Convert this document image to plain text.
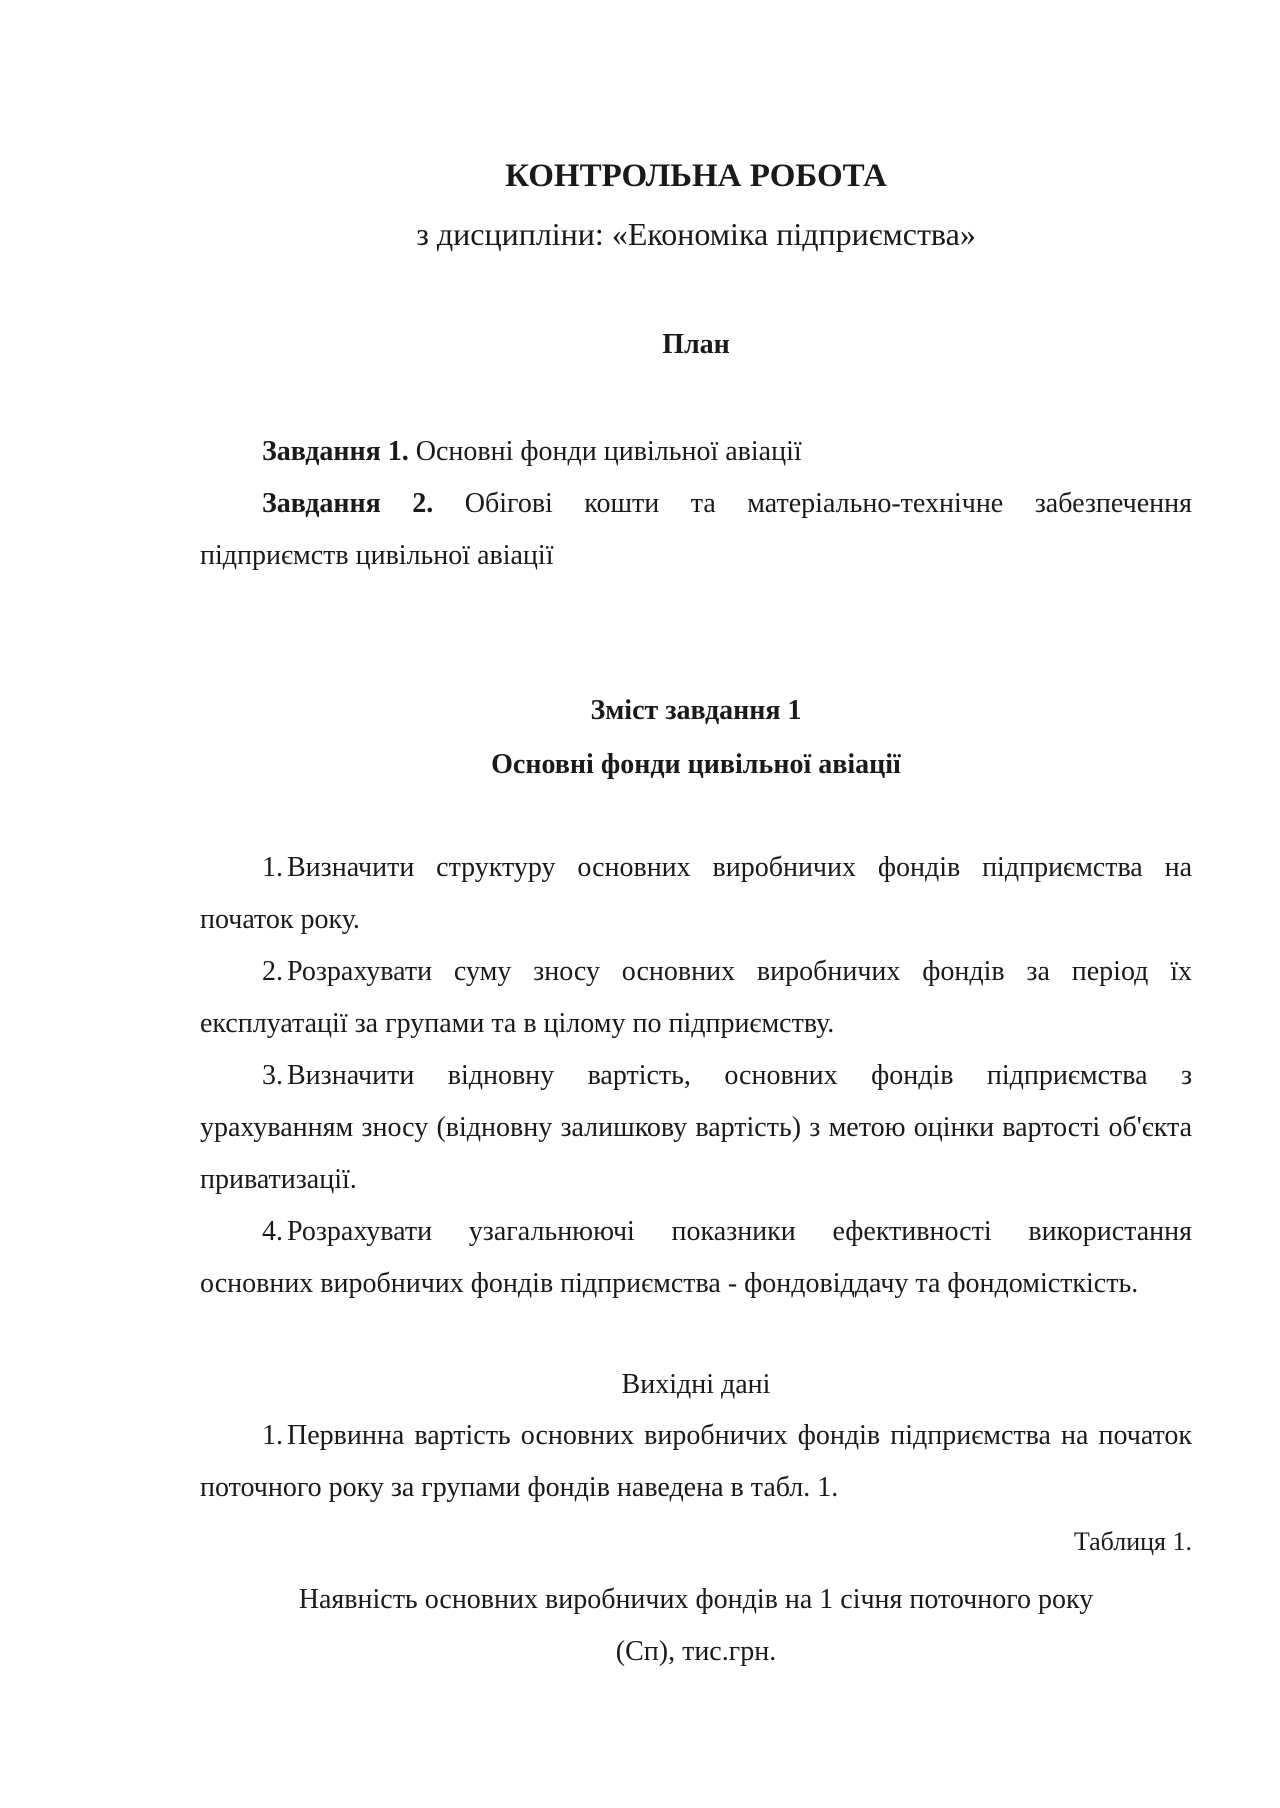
КОНТРОЛЬНА РОБОТА

з дисципліни: «Економіка підприємства»

План

Завдання 1. Основні фонди цивільної авіації

Завдання 2. Обігові кошти та матеріально-технічне забезпечення підприємств цивільної авіації

Зміст завдання 1

Основні фонди цивільної авіації

1. Визначити структуру основних виробничих фондів підприємства на початок року.

2. Розрахувати суму зносу основних виробничих фондів за період їх експлуатації за групами та в цілому по підприємству.

3. Визначити відновну вартість, основних фондів підприємства з урахуванням зносу (відновну залишкову вартість) з метою оцінки вартості об'єкта приватизації.

4. Розрахувати узагальнюючі показники ефективності використання основних виробничих фондів підприємства - фондовіддачу та фондомісткість.

Вихідні дані

1. Первинна вартість основних виробничих фондів підприємства на початок поточного року за групами фондів наведена в табл. 1.

Таблиця 1.

Наявність основних виробничих фондів на 1 січня поточного року
(Сп), тис.грн.
